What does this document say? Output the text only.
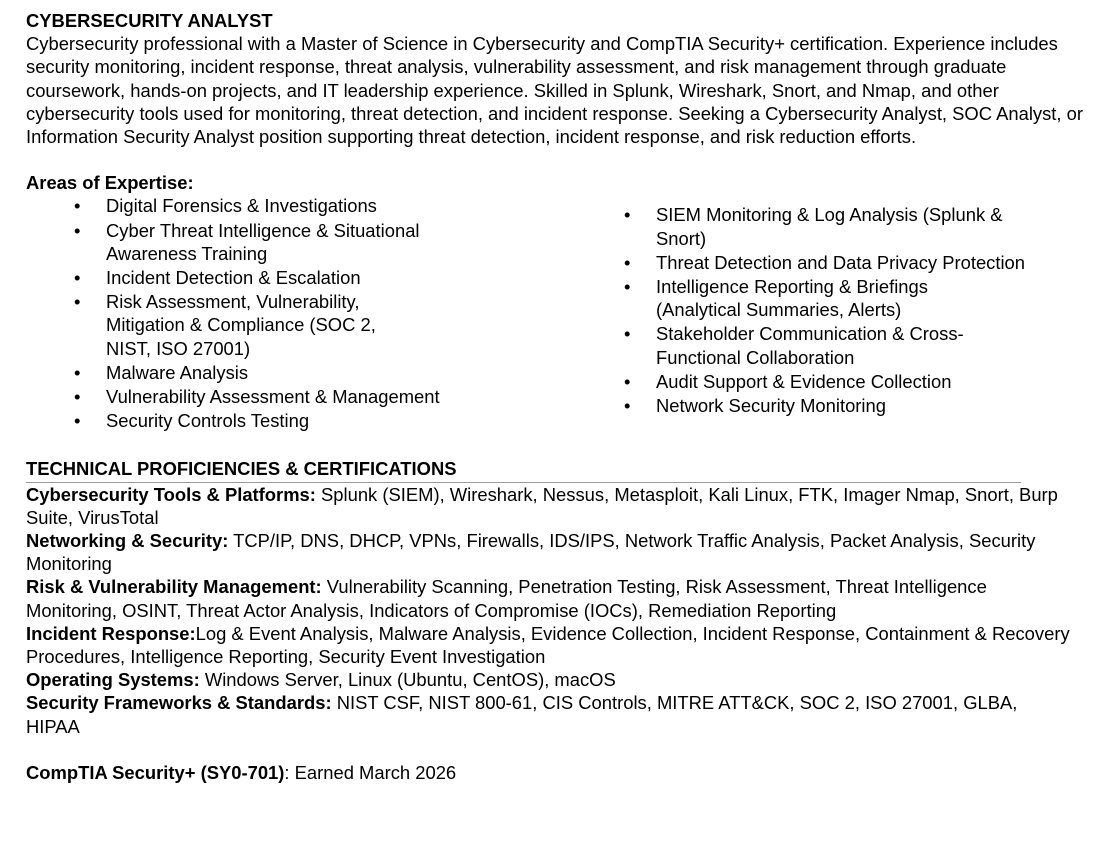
CYBERSECURITY ANALYST

Cybersecurity professional with a Master of Science in Cybersecurity and CompTIA Security+ certification. Experience includes security monitoring, incident response, threat analysis, vulnerability assessment, and risk management through graduate coursework, hands-on projects, and IT leadership experience. Skilled in Splunk, Wireshark, Snort, and Nmap, and other cybersecurity tools used for monitoring, threat detection, and incident response. Seeking a Cybersecurity Analyst, SOC Analyst, or Information Security Analyst position supporting threat detection, incident response, and risk reduction efforts.

Areas of Expertise:

• Digital Forensics & Investigations
• Cyber Threat Intelligence & Situational Awareness Training
• Incident Detection & Escalation
• Risk Assessment, Vulnerability, Mitigation & Compliance (SOC 2, NIST, ISO 27001)
• Malware Analysis
• Vulnerability Assessment & Management
• Security Controls Testing
• SIEM Monitoring & Log Analysis (Splunk & Snort)
• Threat Detection and Data Privacy Protection
• Intelligence Reporting & Briefings (Analytical Summaries, Alerts)
• Stakeholder Communication & Cross-Functional Collaboration
• Audit Support & Evidence Collection
• Network Security Monitoring

TECHNICAL PROFICIENCIES & CERTIFICATIONS

Cybersecurity Tools & Platforms: Splunk (SIEM), Wireshark, Nessus, Metasploit, Kali Linux, FTK, Imager Nmap, Snort, Burp Suite, VirusTotal

Networking & Security: TCP/IP, DNS, DHCP, VPNs, Firewalls, IDS/IPS, Network Traffic Analysis, Packet Analysis, Security Monitoring

Risk & Vulnerability Management: Vulnerability Scanning, Penetration Testing, Risk Assessment, Threat Intelligence Monitoring, OSINT, Threat Actor Analysis, Indicators of Compromise (IOCs), Remediation Reporting

Incident Response:Log & Event Analysis, Malware Analysis, Evidence Collection, Incident Response, Containment & Recovery Procedures, Intelligence Reporting, Security Event Investigation

Operating Systems: Windows Server, Linux (Ubuntu, CentOS), macOS

Security Frameworks & Standards: NIST CSF, NIST 800-61, CIS Controls, MITRE ATT&CK, SOC 2, ISO 27001, GLBA, HIPAA

CompTIA Security+ (SY0-701): Earned March 2026
